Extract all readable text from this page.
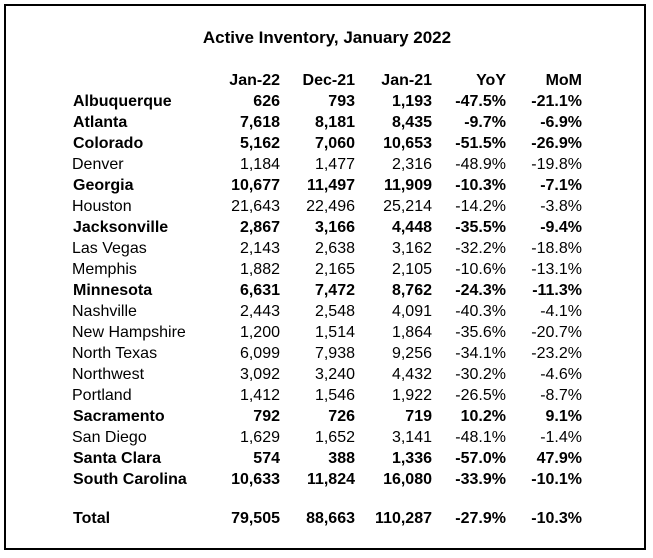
Active Inventory, January 2022
Jan-22	Dec-21	Jan-21	YoY	MoM
Albuquerque	626	793	1,193	-47.5%	-21.1%
Atlanta	7,618	8,181	8,435	-9.7%	-6.9%
Colorado	5,162	7,060	10,653	-51.5%	-26.9%
Denver	1,184	1,477	2,316	-48.9%	-19.8%
Georgia	10,677	11,497	11,909	-10.3%	-7.1%
Houston	21,643	22,496	25,214	-14.2%	-3.8%
Jacksonville	2,867	3,166	4,448	-35.5%	-9.4%
Las Vegas	2,143	2,638	3,162	-32.2%	-18.8%
Memphis	1,882	2,165	2,105	-10.6%	-13.1%
Minnesota	6,631	7,472	8,762	-24.3%	-11.3%
Nashville	2,443	2,548	4,091	-40.3%	-4.1%
New Hampshire	1,200	1,514	1,864	-35.6%	-20.7%
North Texas	6,099	7,938	9,256	-34.1%	-23.2%
Northwest	3,092	3,240	4,432	-30.2%	-4.6%
Portland	1,412	1,546	1,922	-26.5%	-8.7%
Sacramento	792	726	719	10.2%	9.1%
San Diego	1,629	1,652	3,141	-48.1%	-1.4%
Santa Clara	574	388	1,336	-57.0%	47.9%
South Carolina	10,633	11,824	16,080	-33.9%	-10.1%
Total	79,505	88,663	110,287	-27.9%	-10.3%
